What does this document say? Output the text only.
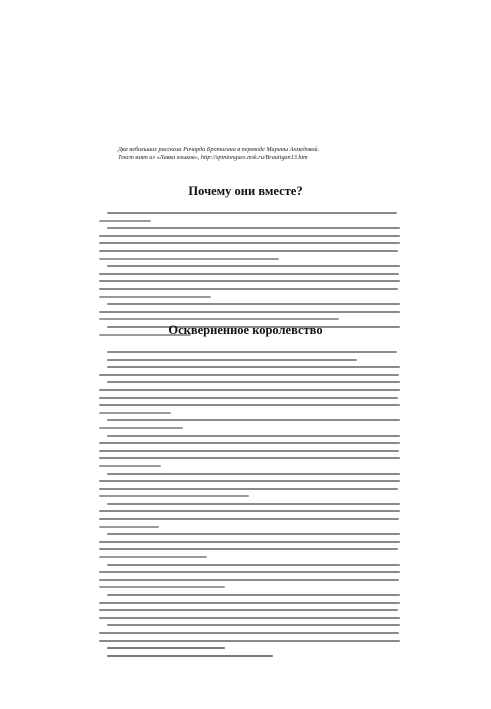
Два небольших рассказа Ричарда Бротигана в переводе Марины Ахмедовой.
Текст взят из «Лавка языков», http://spintongues.msk.ru/Brautigan13.htm
Почему они вместе?
Оскверненное королевство
